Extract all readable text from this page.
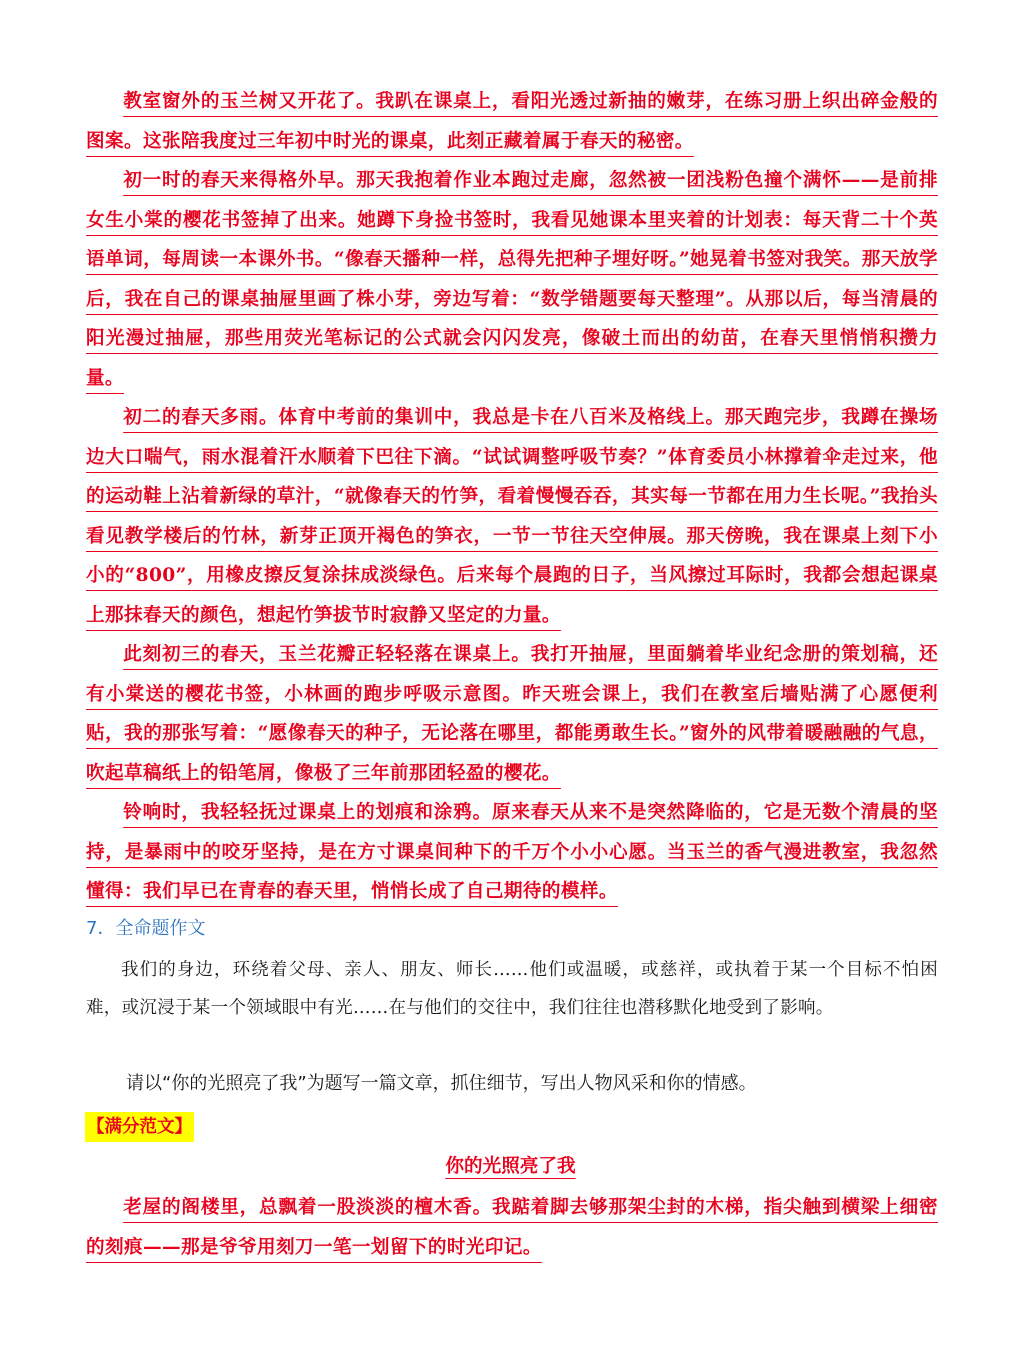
教室窗外的玉兰树又开花了。我趴在课桌上，看阳光透过新抽的嫩芽，在练习册上织出碎金般的图案。这张陪我度过三年初中时光的课桌，此刻正藏着属于春天的秘密。

初一时的春天来得格外早。那天我抱着作业本跑过走廊，忽然被一团浅粉色撞个满怀——是前排女生小棠的樱花书签掉了出来。她蹲下身捡书签时，我看见她课本里夹着的计划表：每天背二十个英语单词，每周读一本课外书。“像春天播种一样，总得先把种子埋好呀。”她晃着书签对我笑。那天放学后，我在自己的课桌抽屉里画了株小芽，旁边写着：“数学错题要每天整理”。从那以后，每当清晨的阳光漫过抽屉，那些用荧光笔标记的公式就会闪闪发亮，像破土而出的幼苗，在春天里悄悄积攒力量。

初二的春天多雨。体育中考前的集训中，我总是卡在八百米及格线上。那天跑完步，我蹲在操场边大口喘气，雨水混着汗水顺着下巴往下滴。“试试调整呼吸节奏？”体育委员小林撑着伞走过来，他的运动鞋上沾着新绿的草汁，“就像春天的竹笋，看着慢慢吞吞，其实每一节都在用力生长呢。”我抬头看见教学楼后的竹林，新芽正顶开褐色的笋衣，一节一节往天空伸展。那天傍晚，我在课桌上刻下小小的“800”，用橡皮擦反复涂抹成淡绿色。后来每个晨跑的日子，当风擦过耳际时，我都会想起课桌上那抹春天的颜色，想起竹笋拔节时寂静又坚定的力量。

此刻初三的春天，玉兰花瓣正轻轻落在课桌上。我打开抽屉，里面躺着毕业纪念册的策划稿，还有小棠送的樱花书签，小林画的跑步呼吸示意图。昨天班会课上，我们在教室后墙贴满了心愿便利贴，我的那张写着：“愿像春天的种子，无论落在哪里，都能勇敢生长。”窗外的风带着暖融融的气息，吹起草稿纸上的铅笔屑，像极了三年前那团轻盈的樱花。

铃响时，我轻轻抚过课桌上的划痕和涂鸦。原来春天从来不是突然降临的，它是无数个清晨的坚持，是暴雨中的咬牙坚持，是在方寸课桌间种下的千万个小小心愿。当玉兰的香气漫进教室，我忽然懂得：我们早已在青春的春天里，悄悄长成了自己期待的模样。

7．全命题作文

我们的身边，环绕着父母、亲人、朋友、师长……他们或温暖，或慈祥，或执着于某一个目标不怕困难，或沉浸于某一个领域眼中有光……在与他们的交往中，我们往往也潜移默化地受到了影响。

请以“你的光照亮了我”为题写一篇文章，抓住细节，写出人物风采和你的情感。

【满分范文】
你的光照亮了我

老屋的阁楼里，总飘着一股淡淡的檀木香。我踮着脚去够那架尘封的木梯，指尖触到横梁上细密的刻痕——那是爷爷用刻刀一笔一划留下的时光印记。
